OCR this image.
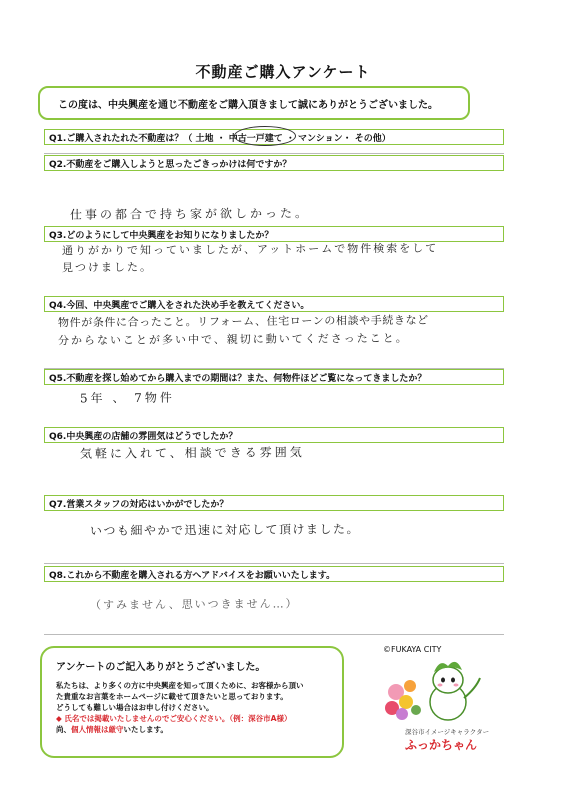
不動産ご購入アンケート
この度は、中央興産を通じ不動産をご購入頂きまして誠にありがとうございました。
Q1.ご購入されたれた不動産は？（ 土地 ・ 中古一戸建て ・ マンション・ その他）
Q2.不動産をご購入しようと思ったごきっかけは何ですか？
仕事の都合で持ち家が欲しかった。
Q3.どのようにして中央興産をお知りになりましたか？
通りがかりで知っていましたが、アットホームで物件検索をして
見つけました。
Q4.今回、中央興産でご購入をされた決め手を教えてください。
物件が条件に合ったこと。リフォーム、住宅ローンの相談や手続きなど
分からないことが多い中で、親切に動いてくださったこと。
Q5.不動産を探し始めてから購入までの期間は？また、何物件ほどご覧になってきましたか？
5年 、 7物件
Q6.中央興産の店舗の雰囲気はどうでしたか？
気軽に入れて、相談できる雰囲気
Q7.営業スタッフの対応はいかがでしたか？
いつも細やかで迅速に対応して頂けました。
Q8.これから不動産を購入される方へアドバイスをお願いいたします。
（すみません、思いつきません…）
アンケートのご記入ありがとうございました。
私たちは、より多くの方に中央興産を知って頂くために、お客様から頂い
た貴重なお言葉をホームページに載せて頂きたいと思っております。
どうしても難しい場合はお申し付けください。
◆ 氏名では掲載いたしませんのでご安心ください。（例：深谷市A様）
尚、個人情報は厳守いたします。
©FUKAYA CITY
深谷市イメージキャラクター
ふっかちゃん
